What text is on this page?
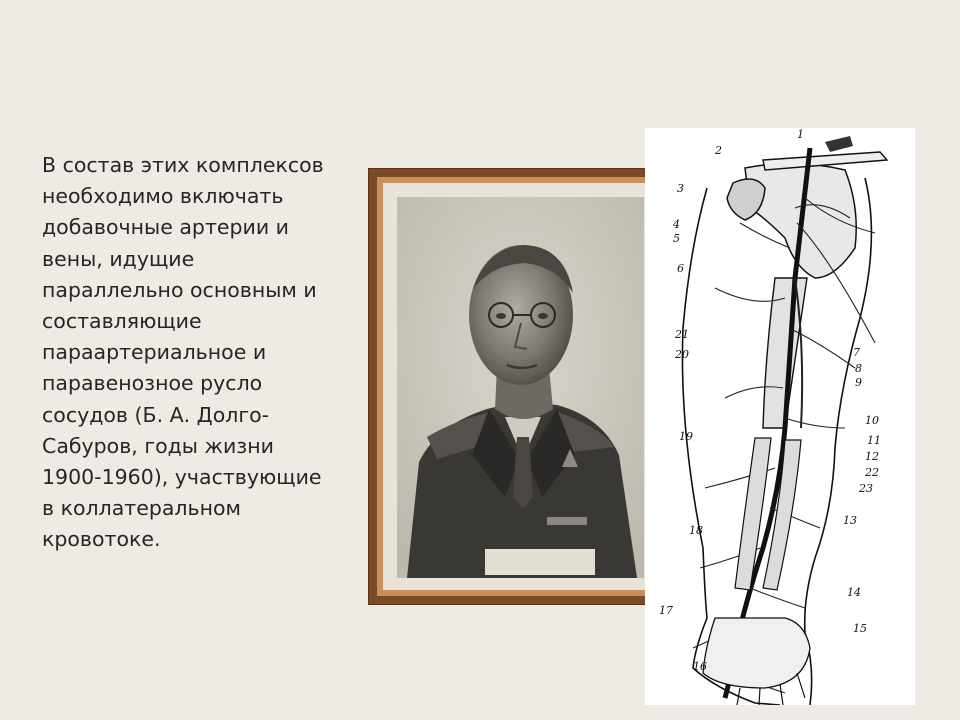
В состав этих комплексов
необходимо включать
добавочные артерии и
вены, идущие
параллельно основным и
составляющие
параартериальное и
паравенозное русло
сосудов (Б. А. Долго-
Сабуров, годы жизни
1900-1960), участвующие
в коллатеральном
кровотоке.

1
2
3
4
5
6
7
8
9
10
11
12
13
14
15
16
17
18
19
20
21
22
23
